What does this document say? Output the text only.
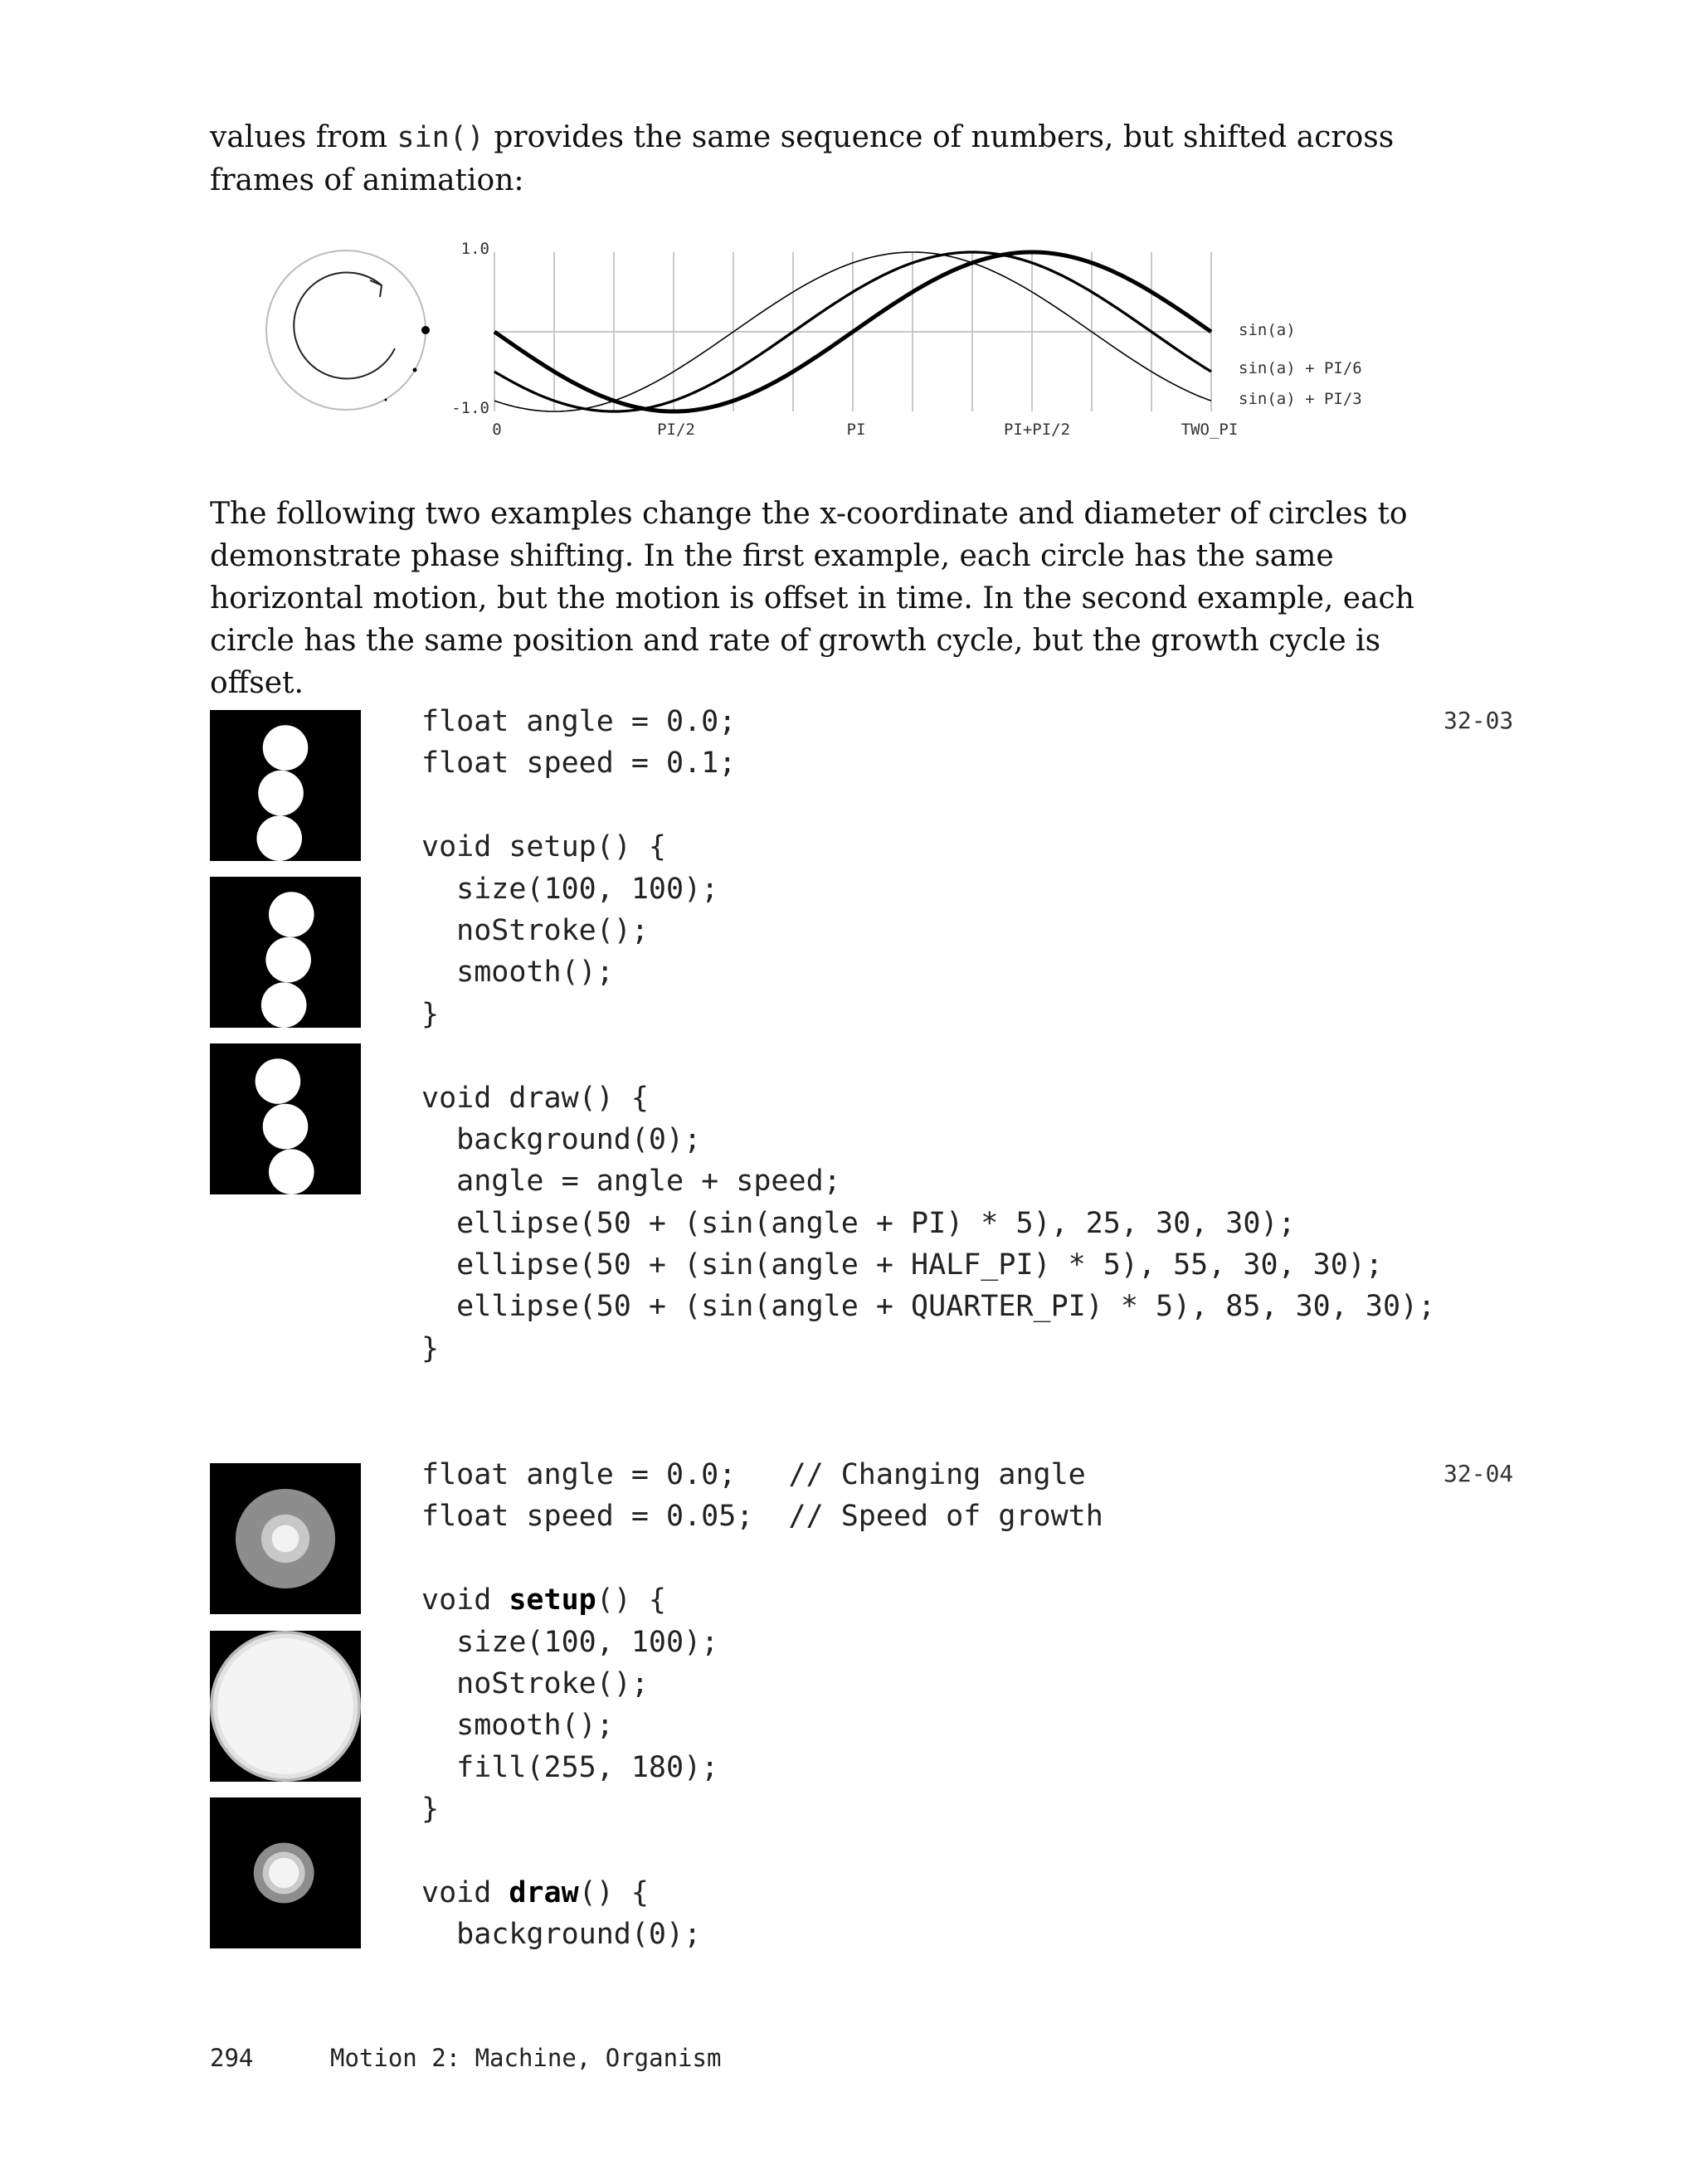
values from sin() provides the same sequence of numbers, but shifted across frames of animation:

1.0
-1.0
0	PI/2	PI	PI+PI/2	TWO_PI
sin(a)
sin(a) + PI/6
sin(a) + PI/3

The following two examples change the x-coordinate and diameter of circles to demonstrate phase shifting. In the first example, each circle has the same horizontal motion, but the motion is offset in time. In the second example, each circle has the same position and rate of growth cycle, but the growth cycle is offset.

float angle = 0.0;
float speed = 0.1;
void setup() {
size(100, 100);
noStroke();
smooth();
}
void draw() {
background(0);
angle = angle + speed;
ellipse(50 + (sin(angle + PI) * 5), 25, 30, 30);
ellipse(50 + (sin(angle + HALF_PI) * 5), 55, 30, 30);
ellipse(50 + (sin(angle + QUARTER_PI) * 5), 85, 30, 30);
}
32-03
float angle = 0.0;   // Changing angle
float speed = 0.05;  // Speed of growth
void setup() {
size(100, 100);
noStroke();
smooth();
fill(255, 180);
}
void draw() {
background(0);
32-04
294	Motion 2: Machine, Organism
